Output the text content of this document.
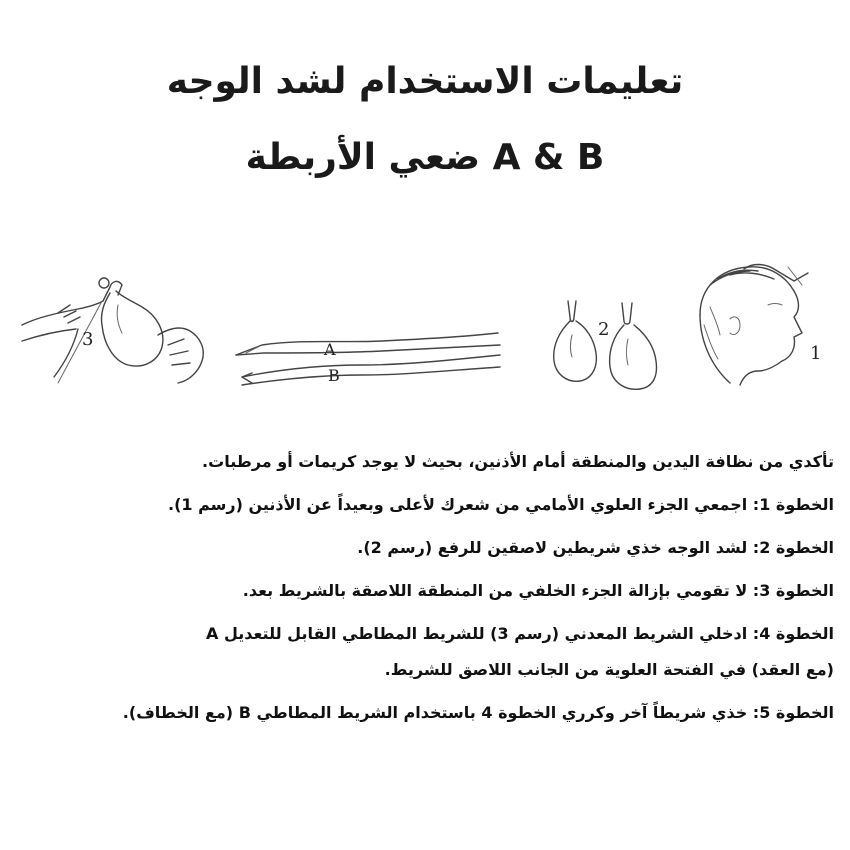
تعليمات الاستخدام لشد الوجه
ضعي الأربطة A & B
3	A
B
2
1
تأكدي من نظافة اليدين والمنطقة أمام الأذنين، بحيث لا يوجد كريمات أو مرطبات.
الخطوة 1: اجمعي الجزء العلوي الأمامي من شعرك لأعلى وبعيداً عن الأذنين (رسم 1).
الخطوة 2: لشد الوجه خذي شريطين لاصقين للرفع (رسم 2).
الخطوة 3: لا تقومي بإزالة الجزء الخلفي من المنطقة اللاصقة بالشريط بعد.
الخطوة 4: ادخلي الشريط المعدني (رسم 3) للشريط المطاطي القابل للتعديل A
(مع العقد) في الفتحة العلوية من الجانب اللاصق للشريط.
الخطوة 5: خذي شريطاً آخر وكرري الخطوة 4 باستخدام الشريط المطاطي B (مع الخطاف).
